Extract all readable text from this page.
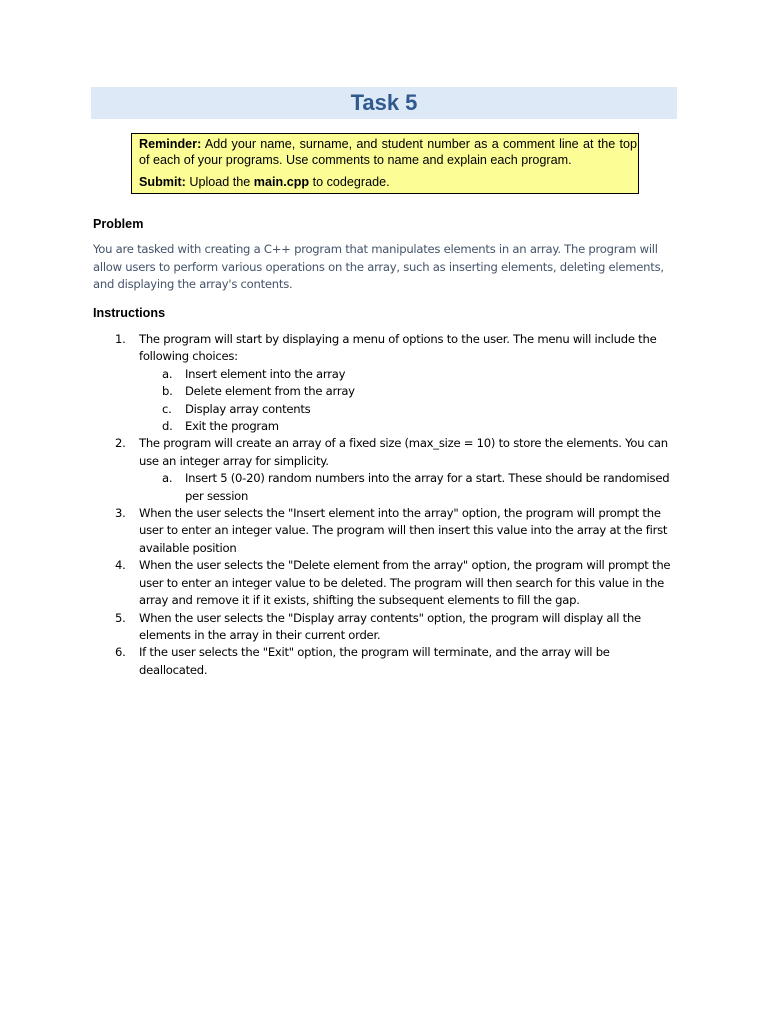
Task 5

Reminder: Add your name, surname, and student number as a comment line at the top of each of your programs. Use comments to name and explain each program.

Submit: Upload the main.cpp to codegrade.

Problem

You are tasked with creating a C++ program that manipulates elements in an array. The program will allow users to perform various operations on the array, such as inserting elements, deleting elements, and displaying the array's contents.

Instructions
1. The program will start by displaying a menu of options to the user. The menu will include the following choices:
a. Insert element into the array
b. Delete element from the array
c. Display array contents
d. Exit the program
2. The program will create an array of a fixed size (max_size = 10) to store the elements. You can use an integer array for simplicity.
a. Insert 5 (0-20) random numbers into the array for a start. These should be randomised per session
3. When the user selects the "Insert element into the array" option, the program will prompt the user to enter an integer value. The program will then insert this value into the array at the first available position
4. When the user selects the "Delete element from the array" option, the program will prompt the user to enter an integer value to be deleted. The program will then search for this value in the array and remove it if it exists, shifting the subsequent elements to fill the gap.
5. When the user selects the "Display array contents" option, the program will display all the elements in the array in their current order.
6. If the user selects the "Exit" option, the program will terminate, and the array will be deallocated.
